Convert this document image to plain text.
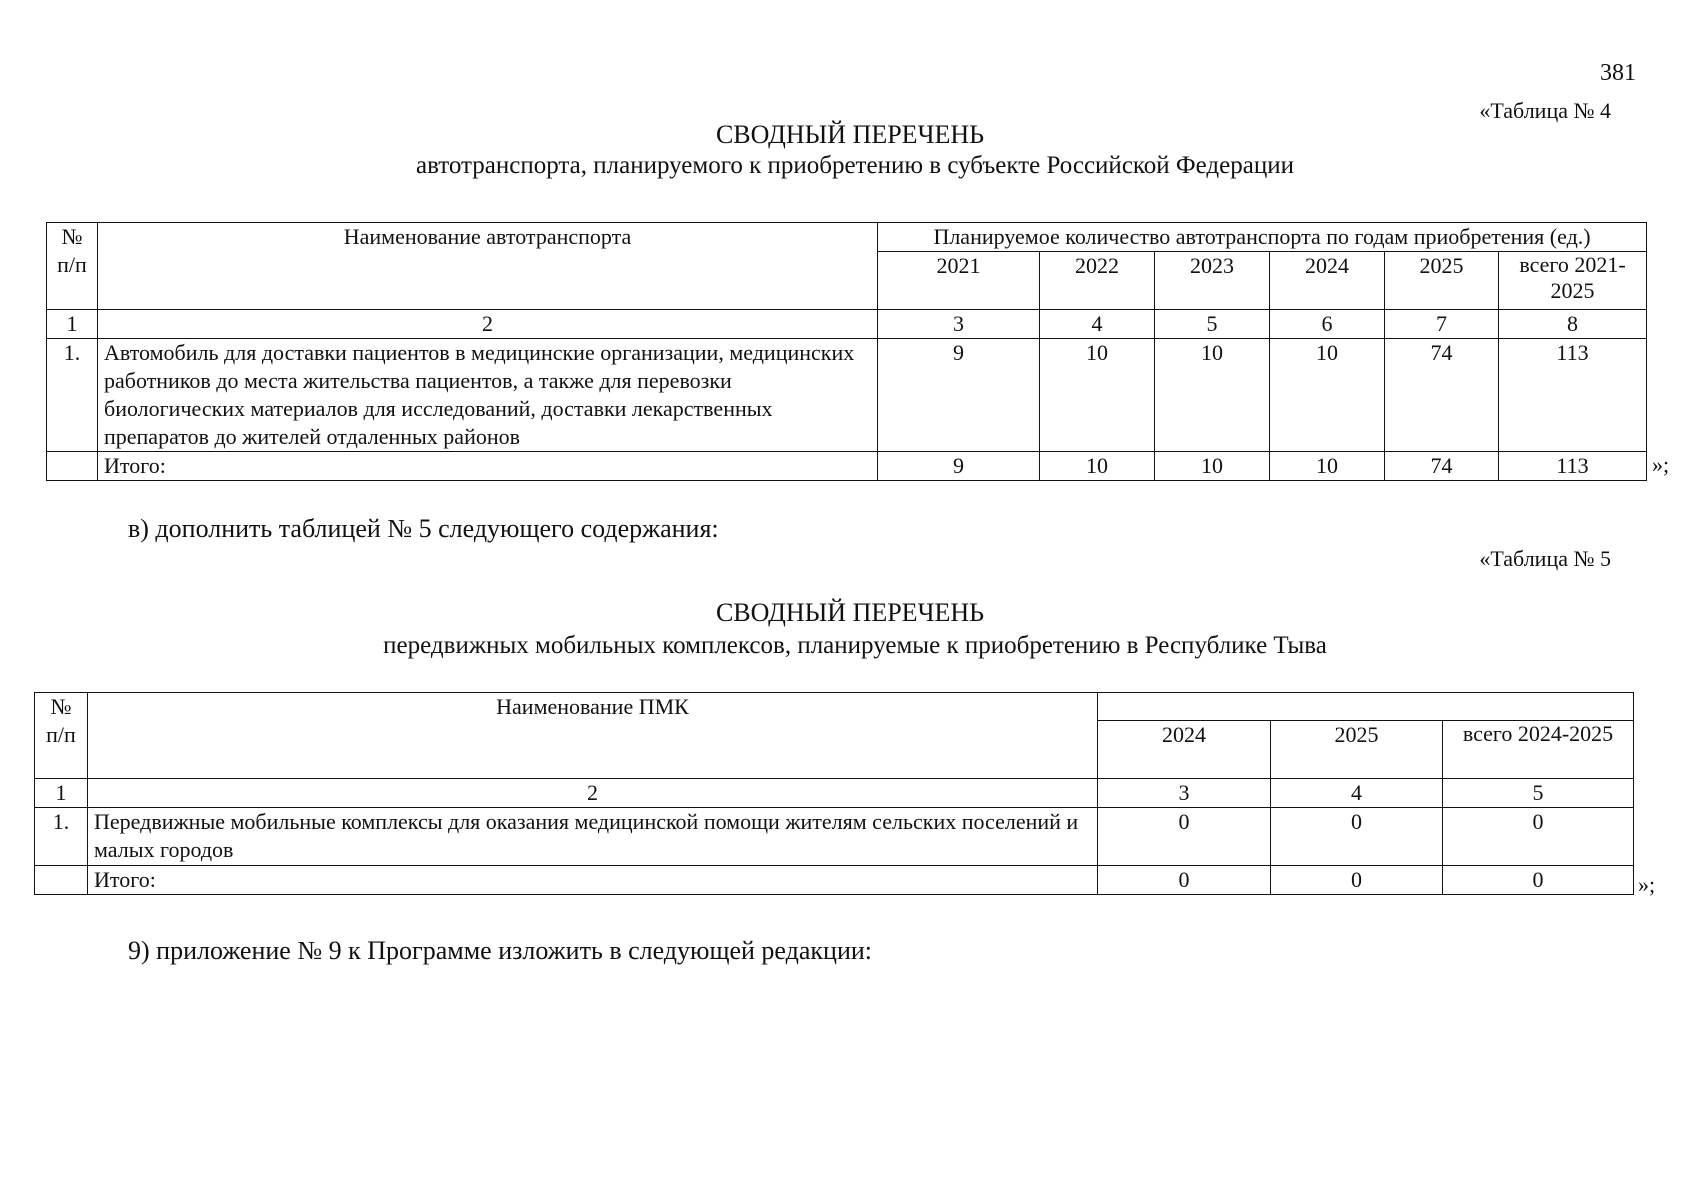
381
«Таблица № 4
СВОДНЫЙ ПЕРЕЧЕНЬ
автотранспорта, планируемого к приобретению в субъекте Российской Федерации
№ п/п	Наименование автотранспорта	Планируемое количество автотранспорта по годам приобретения (ед.)					
		2021	2022	2023	2024	2025	всего 2021-2025
1	2	3	4	5	6	7	8
1.	Автомобиль для доставки пациентов в медицинские организации, медицинских работников до места жительства пациентов, а также для перевозки биологических материалов для исследований, доставки лекарственных препаратов до жителей отдаленных районов	9	10	10	10	74	113
	Итого:	9	10	10	10	74	113	»;
в) дополнить таблицей № 5 следующего содержания:
«Таблица № 5
СВОДНЫЙ ПЕРЕЧЕНЬ
передвижных мобильных комплексов, планируемые к приобретению в Республике Тыва
№ п/п	Наименование ПМК			
		2024	2025	всего 2024-2025
1	2	3	4	5
1.	Передвижные мобильные комплексы для оказания медицинской помощи жителям сельских поселений и малых городов	0	0	0
	Итого:	0	0	0	»;
9) приложение № 9 к Программе изложить в следующей редакции:
